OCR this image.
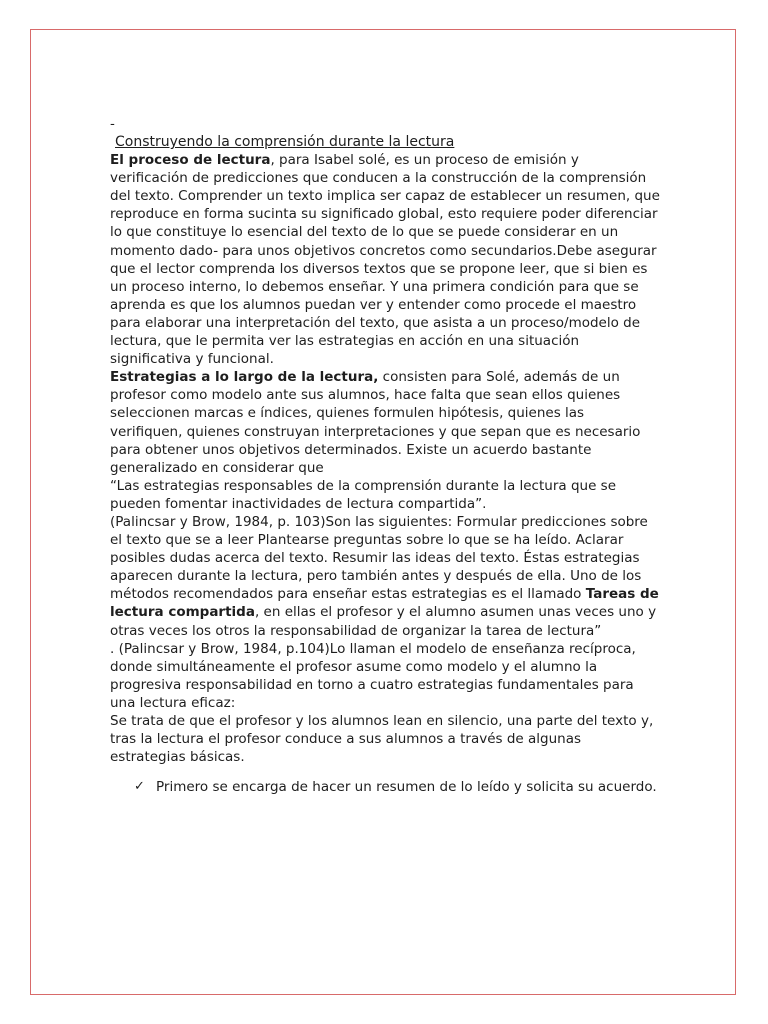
-

Construyendo la comprensión durante la lectura

El proceso de lectura, para Isabel solé, es un proceso de emisión y verificación de predicciones que conducen a la construcción de la comprensión del texto. Comprender un texto implica ser capaz de establecer un resumen, que reproduce en forma sucinta su significado global, esto requiere poder diferenciar lo que constituye lo esencial del texto de lo que se puede considerar en un momento dado- para unos objetivos concretos como secundarios.Debe asegurar que el lector comprenda los diversos textos que se propone leer, que si bien es un proceso interno, lo debemos enseñar. Y una primera condición para que se aprenda es que los alumnos puedan ver y entender como procede el maestro para elaborar una interpretación del texto, que asista a un proceso/modelo de lectura, que le permita ver las estrategias en acción en una situación significativa y funcional.

Estrategias a lo largo de la lectura, consisten para Solé, además de un profesor como modelo ante sus alumnos, hace falta que sean ellos quienes seleccionen marcas e índices, quienes formulen hipótesis, quienes las verifiquen, quienes construyan interpretaciones y que sepan que es necesario para obtener unos objetivos determinados. Existe un acuerdo bastante generalizado en considerar que

“Las estrategias responsables de la comprensión durante la lectura que se pueden fomentar inactividades de lectura compartida”.

(Palincsar y Brow, 1984, p. 103)Son las siguientes: Formular predicciones sobre el texto que se a leer Plantearse preguntas sobre lo que se ha leído. Aclarar posibles dudas acerca del texto. Resumir las ideas del texto. Éstas estrategias aparecen durante la lectura, pero también antes y después de ella. Uno de los métodos recomendados para enseñar estas estrategias es el llamado Tareas de lectura compartida, en ellas el profesor y el alumno asumen unas veces uno y otras veces los otros la responsabilidad de organizar la tarea de lectura”

. (Palincsar y Brow, 1984, p.104)Lo llaman el modelo de enseñanza recíproca, donde simultáneamente el profesor asume como modelo y el alumno la progresiva responsabilidad en torno a cuatro estrategias fundamentales para una lectura eficaz:

Se trata de que el profesor y los alumnos lean en silencio, una parte del texto y, tras la lectura el profesor conduce a sus alumnos a través de algunas estrategias básicas.

✓ Primero se encarga de hacer un resumen de lo leído y solicita su acuerdo.
